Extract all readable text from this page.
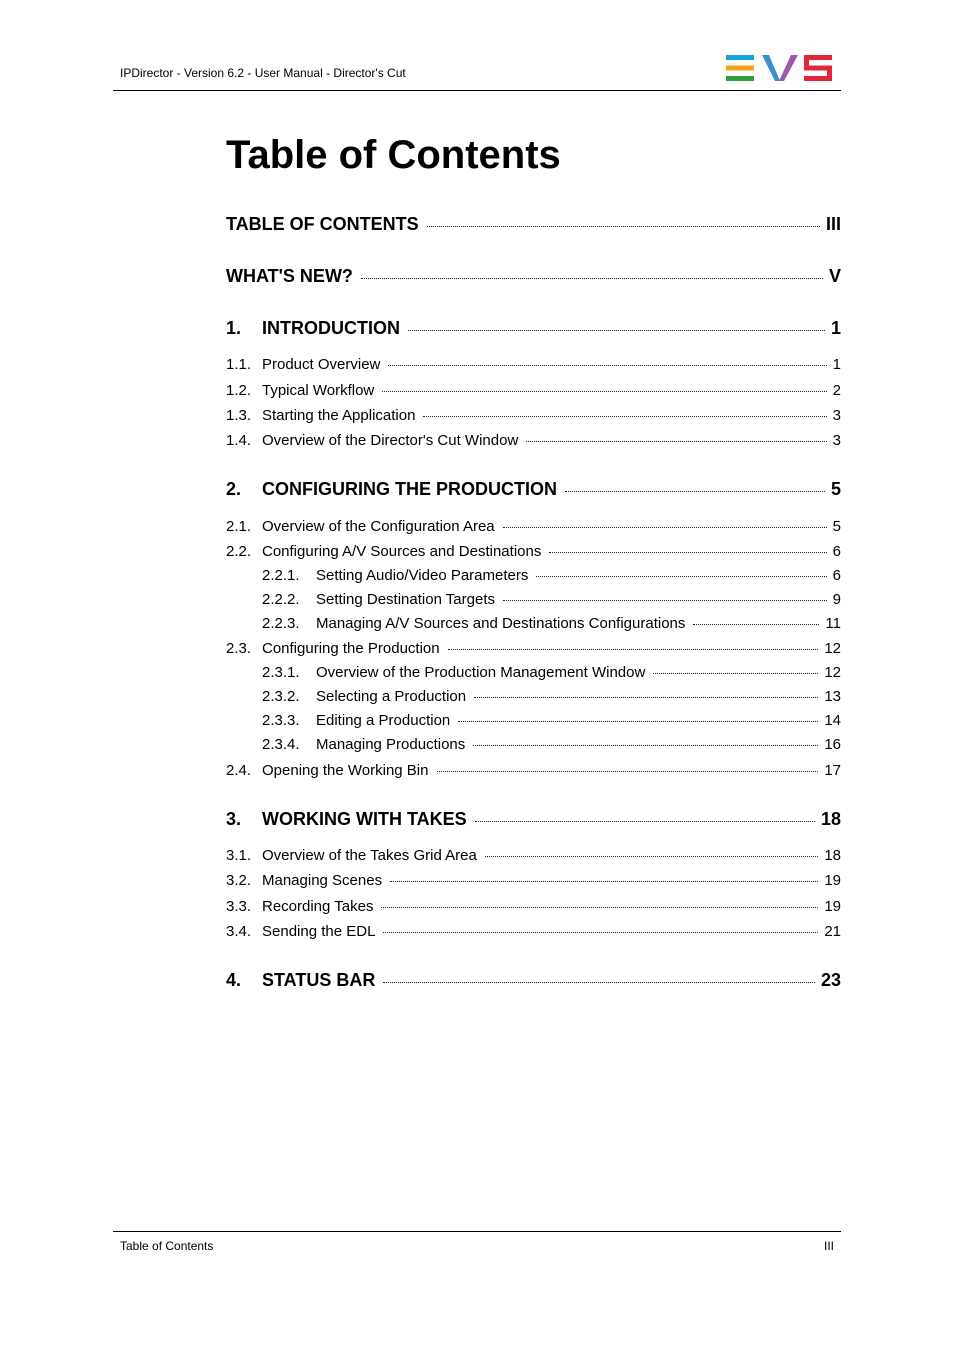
IPDirector - Version 6.2 - User Manual - Director's Cut
Table of Contents
TABLE OF CONTENTS	III
WHAT'S NEW?	V
1.	INTRODUCTION	1
1.1. Product Overview	1
1.2. Typical Workflow	2
1.3. Starting the Application	3
1.4. Overview of the Director's Cut Window	3
2.	CONFIGURING THE PRODUCTION	5
2.1. Overview of the Configuration Area	5
2.2. Configuring A/V Sources and Destinations	6
2.2.1.	Setting Audio/Video Parameters	6
2.2.2.	Setting Destination Targets	9
2.2.3.	Managing A/V Sources and Destinations Configurations	11
2.3. Configuring the Production	12
2.3.1.	Overview of the Production Management Window	12
2.3.2.	Selecting a Production	13
2.3.3.	Editing a Production	14
2.3.4.	Managing Productions	16
2.4. Opening the Working Bin	17
3.	WORKING WITH TAKES	18
3.1. Overview of the Takes Grid Area	18
3.2. Managing Scenes	19
3.3. Recording Takes	19
3.4. Sending the EDL	21
4.	STATUS BAR	23
Table of Contents	III
